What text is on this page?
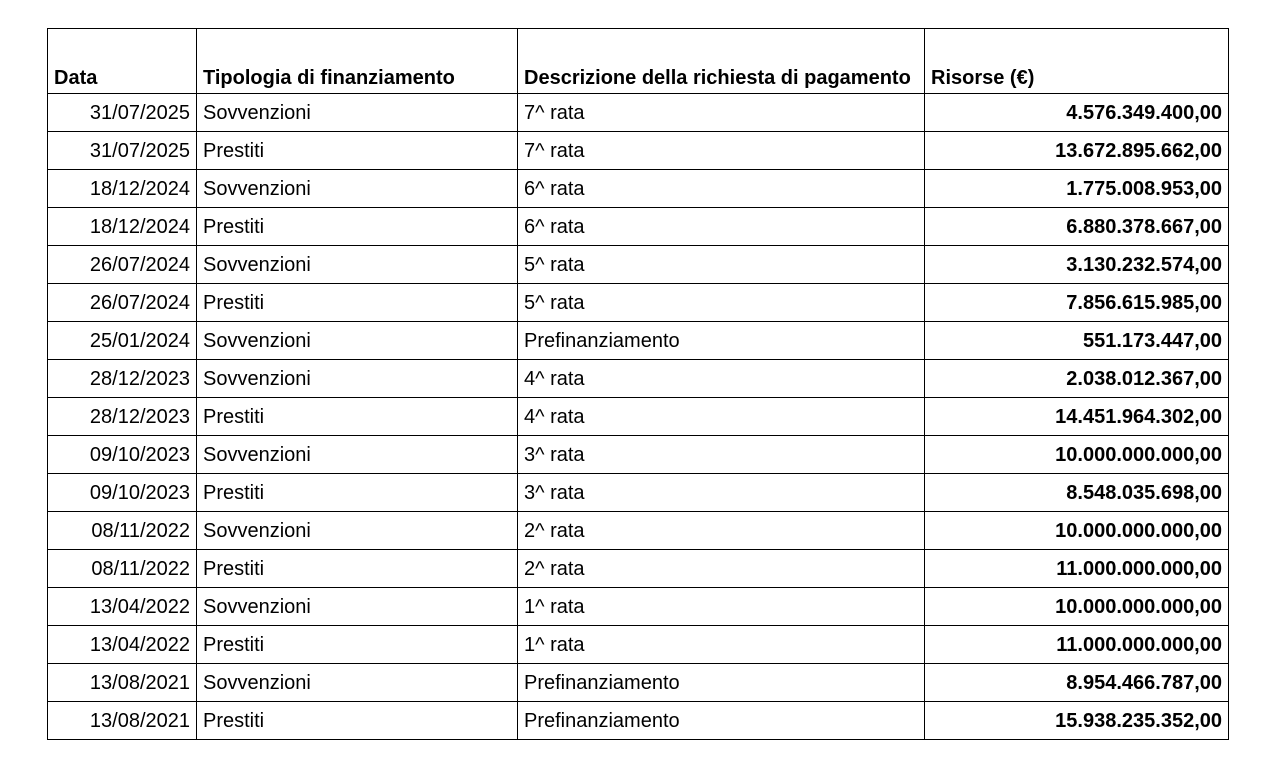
Data	Tipologia di finanziamento	Descrizione della richiesta di pagamento	Risorse (€)
31/07/2025	Sovvenzioni	7^ rata	4.576.349.400,00
31/07/2025	Prestiti	7^ rata	13.672.895.662,00
18/12/2024	Sovvenzioni	6^ rata	1.775.008.953,00
18/12/2024	Prestiti	6^ rata	6.880.378.667,00
26/07/2024	Sovvenzioni	5^ rata	3.130.232.574,00
26/07/2024	Prestiti	5^ rata	7.856.615.985,00
25/01/2024	Sovvenzioni	Prefinanziamento	551.173.447,00
28/12/2023	Sovvenzioni	4^ rata	2.038.012.367,00
28/12/2023	Prestiti	4^ rata	14.451.964.302,00
09/10/2023	Sovvenzioni	3^ rata	10.000.000.000,00
09/10/2023	Prestiti	3^ rata	8.548.035.698,00
08/11/2022	Sovvenzioni	2^ rata	10.000.000.000,00
08/11/2022	Prestiti	2^ rata	11.000.000.000,00
13/04/2022	Sovvenzioni	1^ rata	10.000.000.000,00
13/04/2022	Prestiti	1^ rata	11.000.000.000,00
13/08/2021	Sovvenzioni	Prefinanziamento	8.954.466.787,00
13/08/2021	Prestiti	Prefinanziamento	15.938.235.352,00
